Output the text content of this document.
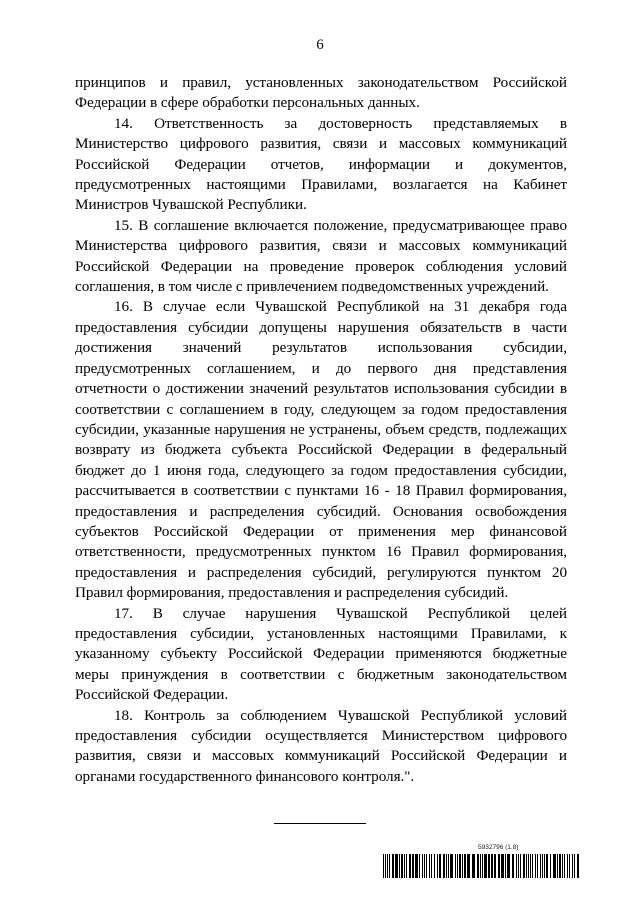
6

принципов и правил, установленных законодательством Российской Федерации в сфере обработки персональных данных.

14. Ответственность за достоверность представляемых в Министерство цифрового развития, связи и массовых коммуникаций Российской Федерации отчетов, информации и документов, предусмотренных настоящими Правилами, возлагается на Кабинет Министров Чувашской Республики.

15. В соглашение включается положение, предусматривающее право Министерства цифрового развития, связи и массовых коммуникаций Российской Федерации на проведение проверок соблюдения условий соглашения, в том числе с привлечением подведомственных учреждений.

16. В случае если Чувашской Республикой на 31 декабря года предоставления субсидии допущены нарушения обязательств в части достижения значений результатов использования субсидии, предусмотренных соглашением, и до первого дня представления отчетности о достижении значений результатов использования субсидии в соответствии с соглашением в году, следующем за годом предоставления субсидии, указанные нарушения не устранены, объем средств, подлежащих возврату из бюджета субъекта Российской Федерации в федеральный бюджет до 1 июня года, следующего за годом предоставления субсидии, рассчитывается в соответствии с пунктами 16 - 18 Правил формирования, предоставления и распределения субсидий. Основания освобождения субъектов Российской Федерации от применения мер финансовой ответственности, предусмотренных пунктом 16 Правил формирования, предоставления и распределения субсидий, регулируются пунктом 20 Правил формирования, предоставления и распределения субсидий.

17. В случае нарушения Чувашской Республикой целей предоставления субсидии, установленных настоящими Правилами, к указанному субъекту Российской Федерации применяются бюджетные меры принуждения в соответствии с бюджетным законодательством Российской Федерации.

18. Контроль за соблюдением Чувашской Республикой условий предоставления субсидии осуществляется Министерством цифрового развития, связи и массовых коммуникаций Российской Федерации и органами государственного финансового контроля.".

5932796 (1.8)
